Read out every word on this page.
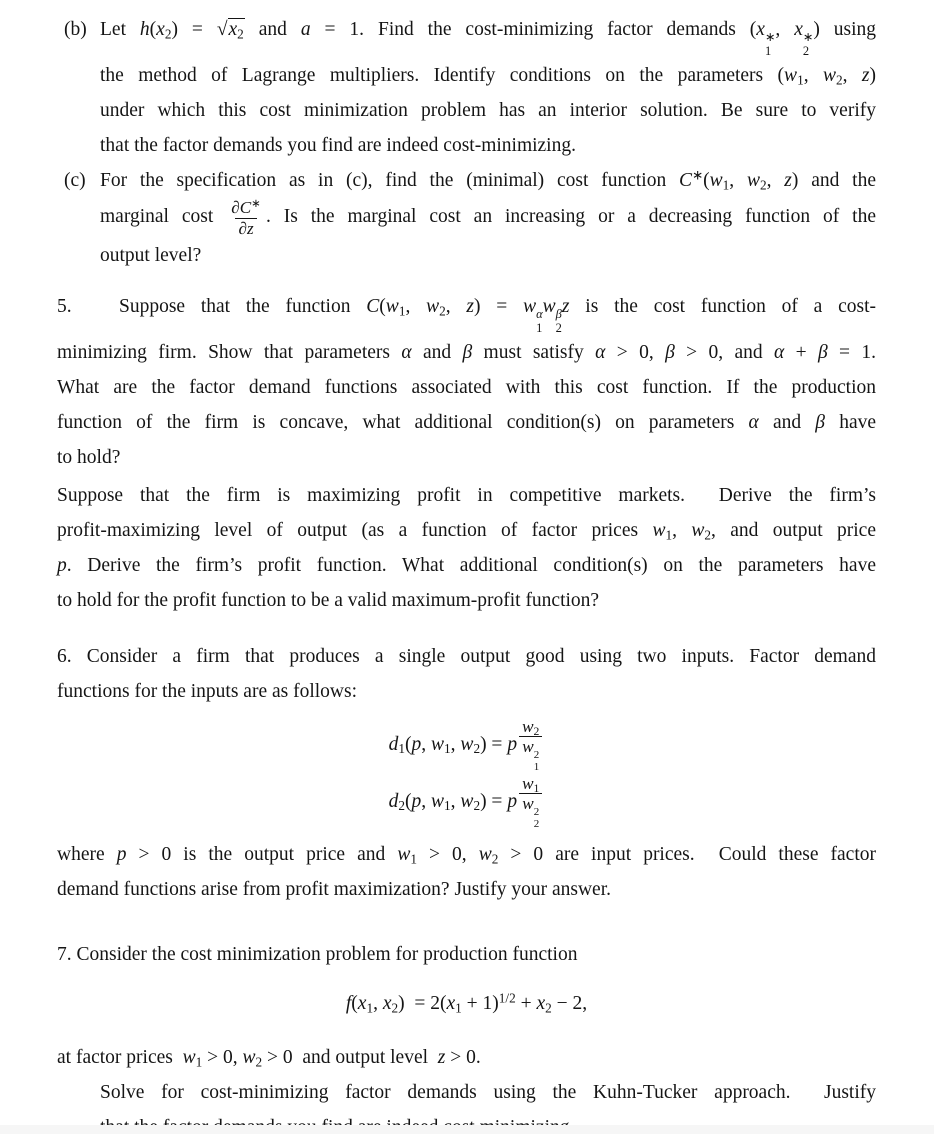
(b) Let $h(x_2) = √x_2$ and a = 1. Find the cost-minimizing factor demands (x ∗
1
, x ∗
2
) using
the method of Lagrange multipliers. Identify conditions on the parameters ($w_1$, $w_2$, z)
under which this cost minimization problem has an interior solution. Be sure to verify
that the factor demands you find are indeed cost-minimizing.
(c) For the specification as in (c), find the (minimal) cost function $C^∗(w_1$, $w_2$, z) and the
marginal cost $\frac{\partial C^∗}{\partial z}$ . Is the marginal cost an increasing or a decreasing function of the
output level?
5.   Suppose that the function $C(w_1$, $w_2$, z) = w α
1
w β
2
z is the cost function of a cost-
minimizing firm. Show that parameters α and β must satisfy α > 0, β > 0, and α + β = 1.
What are the factor demand functions associated with this cost function. If the production
function of the firm is concave, what additional condition(s) on parameters α and β have
to hold?
Suppose that the firm is maximizing profit in competitive markets.  Derive the firm’s
profit-maximizing level of output (as a function of factor prices $w_1$, $w_2$, and output price
p. Derive the firm’s profit function. What additional condition(s) on the parameters have
to hold for the profit function to be a valid maximum-profit function?
6. Consider a firm that produces a single output good using two inputs. Factor demand
functions for the inputs are as follows:
$d_1(p$, $w_1$, $w_2) = p$ $w_2$
w 2
1
$d_2(p$, $w_1$, $w_2) = p$ $w_1$
w 2
2
where p > 0 is the output price and $w_1 > 0$, $w_2 > 0$ are input prices.  Could these factor
demand functions arise from profit maximization? Justify your answer.
7. Consider the cost minimization problem for production function
$f(x_1$, $x_2) = 2(x_1 + 1)^{1/2} + x_2 - 2$,
at factor prices  $w_1 > 0$, $w_2 > 0$  and output level  z > 0.
Solve for cost-minimizing factor demands using the Kuhn-Tucker approach.  Justify
